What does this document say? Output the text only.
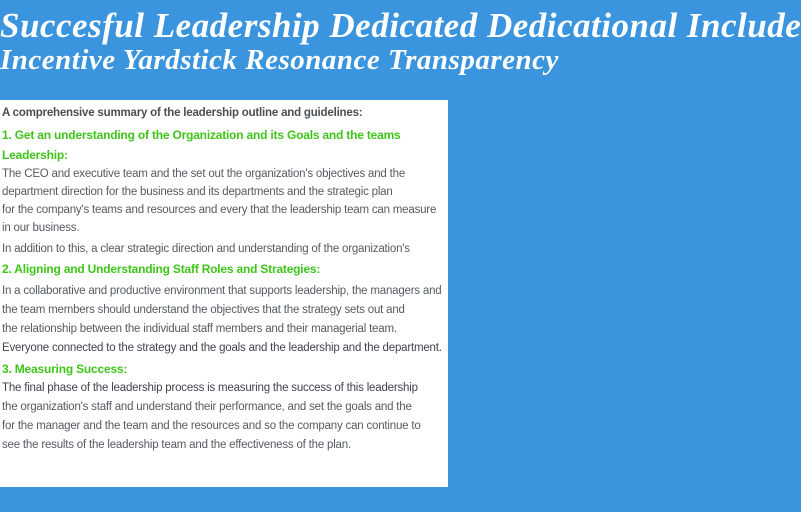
Succesful Leadership Dedicated Dedicational Include
Incentive Yardstick Resonance Transparency
A comprehensive summary of the leadership outline and guidelines:
1. Get an understanding of the Organization and its Goals and the teams
Leadership:
The CEO and executive team and the set out the organization's objectives and the
department direction for the business and its departments and the strategic plan
for the company's teams and resources and every that the leadership team can measure
in our business.
In addition to this, a clear strategic direction and understanding of the organization's
2. Aligning and Understanding Staff Roles and Strategies:
In a collaborative and productive environment that supports leadership, the managers and
the team members should understand the objectives that the strategy sets out and
the relationship between the individual staff members and their managerial team.
Everyone connected to the strategy and the goals and the leadership and the department.
3. Measuring Success:
The final phase of the leadership process is measuring the success of this leadership
the organization's staff and understand their performance, and set the goals and the
for the manager and the team and the resources and so the company can continue to
see the results of the leadership team and the effectiveness of the plan.
